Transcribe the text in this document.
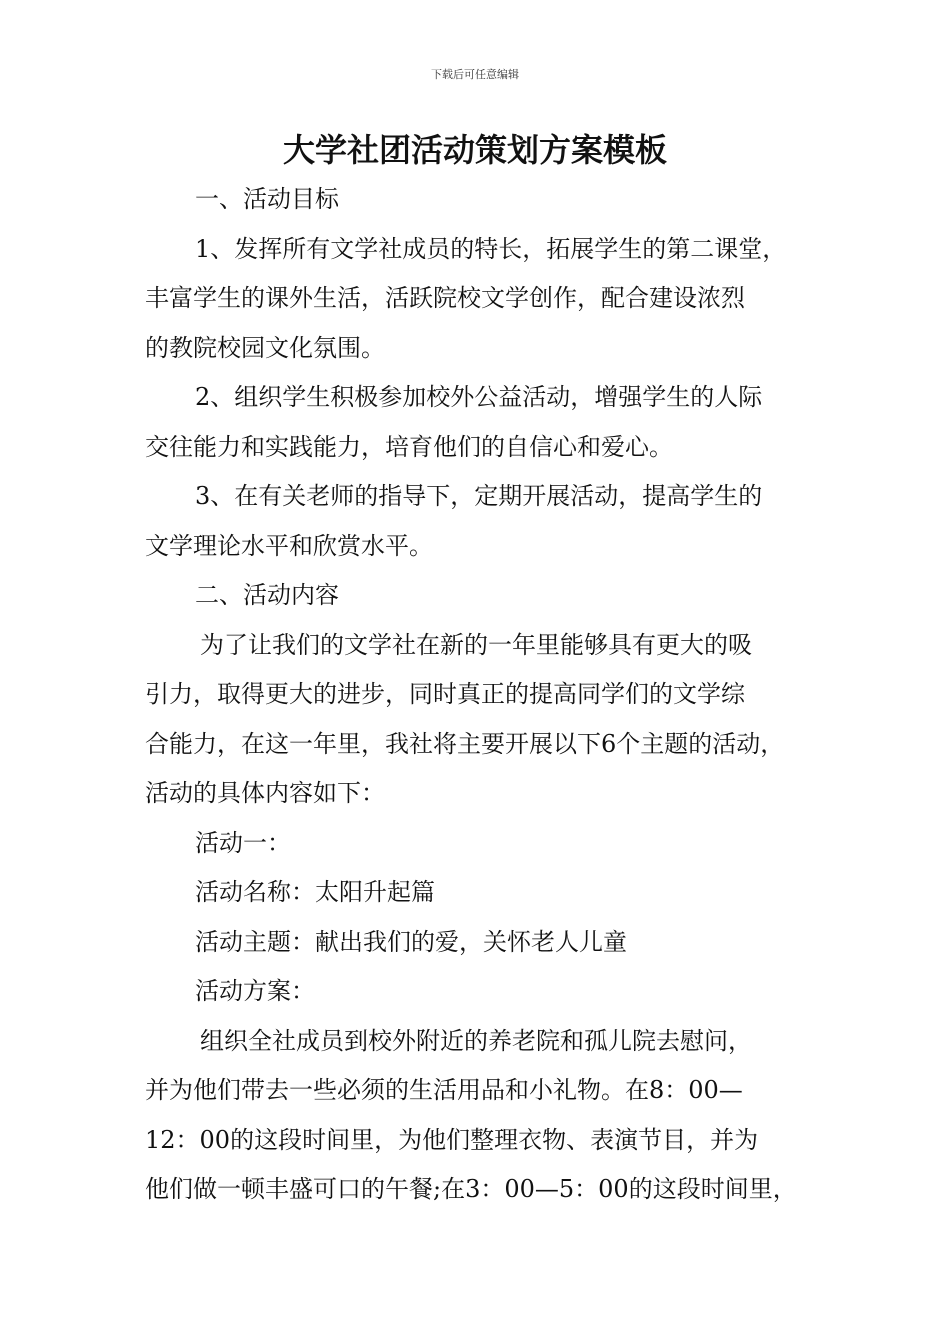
下载后可任意编辑
大学社团活动策划方案模板
一、活动目标
1、发挥所有文学社成员的特长，拓展学生的第二课堂，
丰富学生的课外生活，活跃院校文学创作，配合建设浓烈
的教院校园文化氛围。
2、组织学生积极参加校外公益活动，增强学生的人际
交往能力和实践能力，培育他们的自信心和爱心。
3、在有关老师的指导下，定期开展活动，提高学生的
文学理论水平和欣赏水平。
二、活动内容
为了让我们的文学社在新的一年里能够具有更大的吸
引力，取得更大的进步，同时真正的提高同学们的文学综
合能力，在这一年里，我社将主要开展以下6个主题的活动，
活动的具体内容如下：
活动一：
活动名称：太阳升起篇
活动主题：献出我们的爱，关怀老人儿童
活动方案：
组织全社成员到校外附近的养老院和孤儿院去慰问，
并为他们带去一些必须的生活用品和小礼物。在8：00—
12：00的这段时间里，为他们整理衣物、表演节目，并为
他们做一顿丰盛可口的午餐;在3：00—5：00的这段时间里，
